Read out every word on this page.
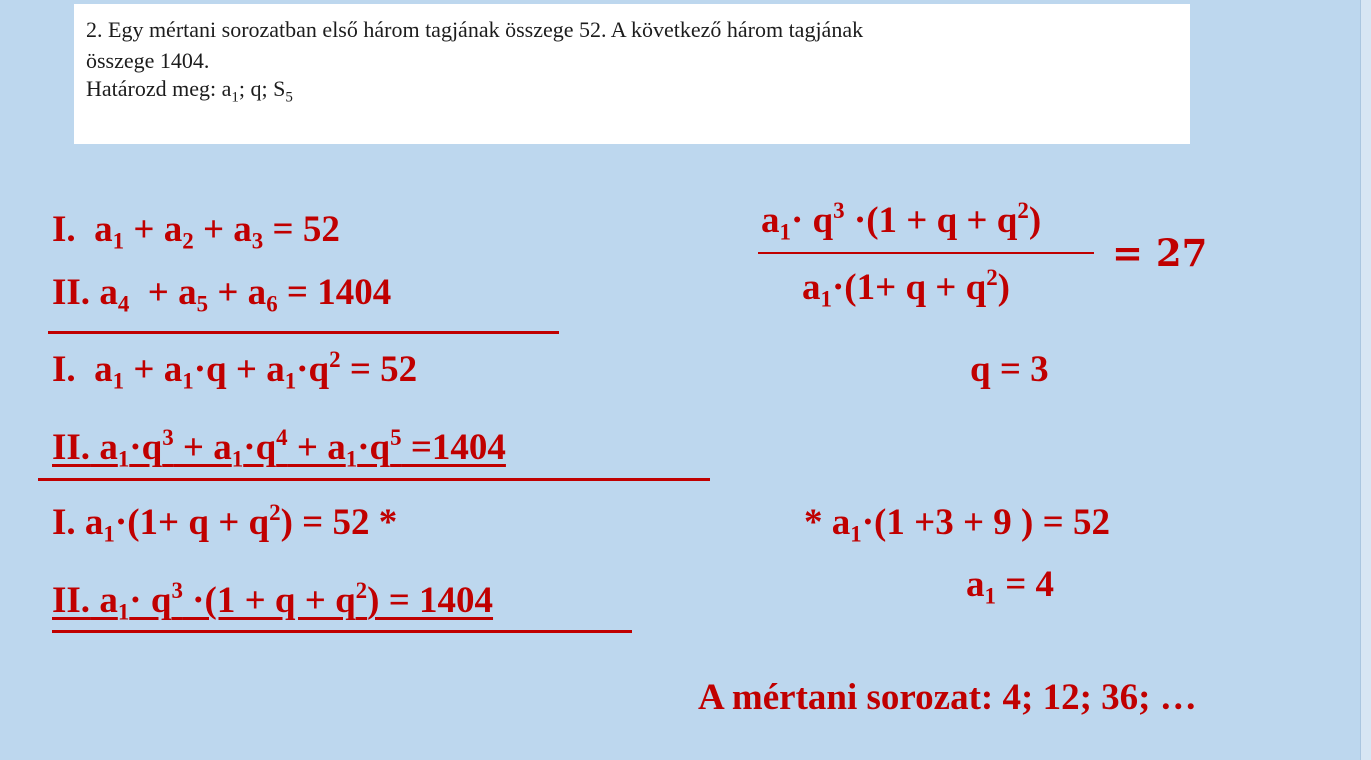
2. Egy mértani sorozatban első három tagjának összege 52. A következő három tagjának
összege 1404.
Határozd meg: $a_1$; q; $S_5$
I.  $a_1 + a_2 + a_3 = 52$
II. $a_4 + a_5 + a_6 = 1404$
I.  $a_1 + a_1\cdot q + a_1\cdot q^2 = 52$
II. $a_1\cdot q^3 + a_1\cdot q^4 + a_1\cdot q^5 =1404$
I. $a_1\cdot(1+ q + q^2) = 52$ *
II. $a_1\cdot q^3 \cdot(1 + q + q^2) = 1404$
$a_1\cdot q^3 \cdot(1 + q + q^2)$
$a_1\cdot(1+ q + q^2)$
= 27
q = 3
* $a_1\cdot(1 +3 + 9$ ) = 52
$a_1 = 4$
A mértani sorozat: 4; 12; 36; …
